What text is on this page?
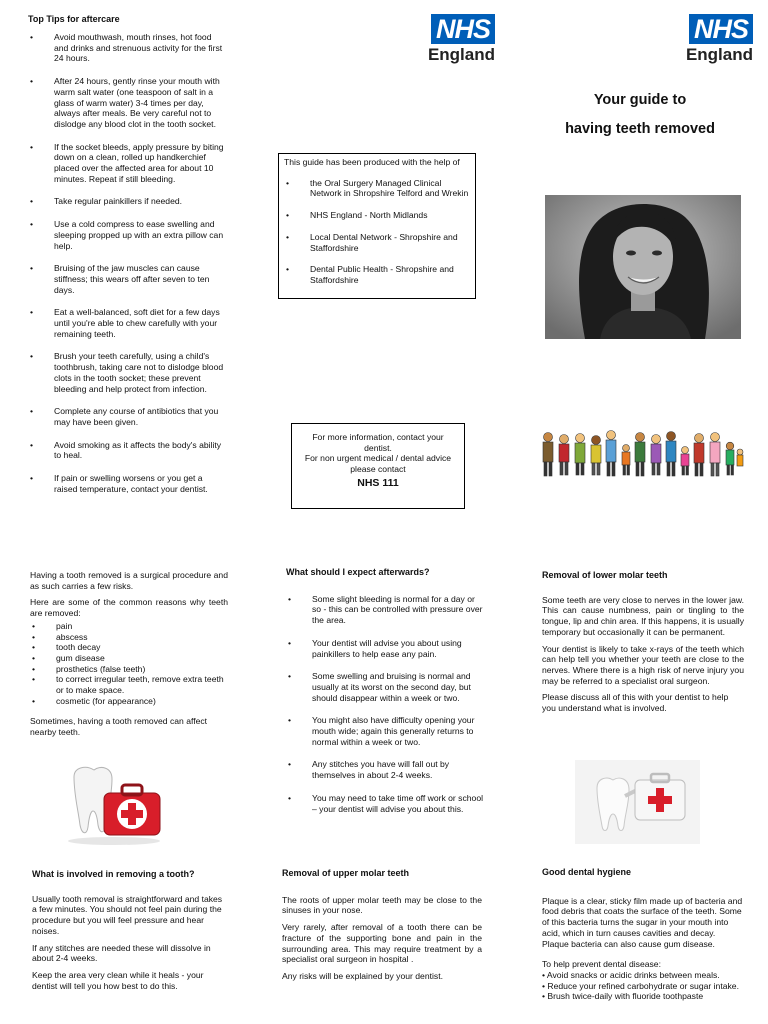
Top Tips for aftercare
• Avoid mouthwash, mouth rinses, hot food and drinks and strenuous activity for the first 24 hours.
• After 24 hours, gently rinse your mouth with warm salt water (one teaspoon of salt in a glass of warm water) 3-4 times per day, always after meals. Be very careful not to dislodge any blood clot in the tooth socket.
• If the socket bleeds, apply pressure by biting down on a clean, rolled up handkerchief placed over the affected area for about 10 minutes. Repeat if still bleeding.
• Take regular painkillers if needed.
• Use a cold compress to ease swelling and sleeping propped up with an extra pillow can help.
• Bruising of the jaw muscles can cause stiffness; this wears off after seven to ten days.
• Eat a well-balanced, soft diet for a few days until you're able to chew carefully with your remaining teeth.
• Brush your teeth carefully, using a child's toothbrush, taking care not to dislodge blood clots in the tooth socket; these prevent bleeding and help protect from infection.
• Complete any course of antibiotics that you may have been given.
• Avoid smoking as it affects the body's ability to heal.
• If pain or swelling worsens or you get a raised temperature, contact your dentist.
NHS
England
NHS
England
This guide has been produced with the help of
• the Oral Surgery Managed Clinical Network in Shropshire Telford and Wrekin
• NHS England - North Midlands
• Local Dental Network - Shropshire and Staffordshire
• Dental Public Health - Shropshire and Staffordshire
For more information, contact your dentist.
For non urgent medical / dental advice please contact
NHS 111
Your guide to
having teeth removed

Having a tooth removed is a surgical procedure and as such carries a few risks.

Here are some of the common reasons why teeth are removed:

• pain
• abscess
• tooth decay
• gum disease
• prosthetics (false teeth)
• to correct irregular teeth, remove extra teeth or to make space.
• cosmetic (for appearance)

Sometimes, having a tooth removed can affect nearby teeth.

What should I expect afterwards?
• Some slight bleeding is normal for a day or so - this can be controlled with pressure over the area.
• Your dentist will advise you about using painkillers to help ease any pain.
• Some swelling and bruising is normal and usually at its worst on the second day, but should disappear within a week or two.
• You might also have difficulty opening your mouth wide; again this generally returns to normal within a week or two.
• Any stitches you have will fall out by themselves in about 2-4 weeks.
• You may need to take time off work or school – your dentist will advise you about this.
Removal of lower molar teeth

Some teeth are very close to nerves in the lower jaw. This can cause numbness, pain or tingling to the tongue, lip and chin area. If this happens, it is usually temporary but occasionally it can be permanent.

Your dentist is likely to take x-rays of the teeth which can help tell you whether your teeth are close to the nerves. Where there is a high risk of nerve injury you may be referred to a specialist oral surgeon.

Please discuss all of this with your dentist to help you understand what is involved.

What is involved in removing a tooth?

Usually tooth removal is straightforward and takes a few minutes. You should not feel pain during the procedure but you will feel pressure and hear noises.

If any stitches are needed these will dissolve in about 2-4 weeks.

Keep the area very clean while it heals - your dentist will tell you how best to do this.

Removal of upper molar teeth

The roots of upper molar teeth may be close to the sinuses in your nose.

Very rarely, after removal of a tooth there can be fracture of the supporting bone and pain in the surrounding area. This may require treatment by a specialist oral surgeon in hospital .

Any risks will be explained by your dentist.

Good dental hygiene

Plaque is a clear, sticky film made up of bacteria and food debris that coats the surface of the teeth. Some of this bacteria turns the sugar in your mouth into acid, which in turn causes cavities and decay. Plaque bacteria can also cause gum disease.

To help prevent dental disease:
• Avoid snacks or acidic drinks between meals.
• Reduce your refined carbohydrate or sugar intake.
• Brush twice-daily with fluoride toothpaste
